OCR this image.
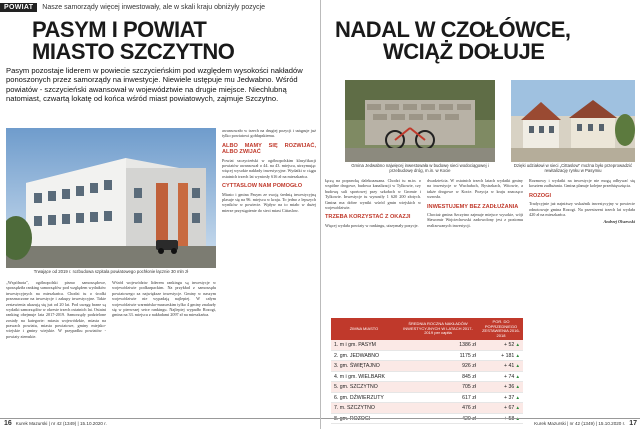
POWIAT	Nasze samorządy więcej inwestowały, ale w skali kraju obniżyły pozycje
PASYM I POWIAT
MIASTO SZCZYTNO
Pasym pozostaje liderem w powiecie szczycieńskim pod względem wysokości nakładów ponoszonych przez samorządy na inwestycje. Niewiele ustępuje mu Jedwabno. Wśród powiatów - szczycieński awansował w województwie na drugie miejsce. Niechlubną natomiast, czwartą lokatę od końca wśród miast powiatowych, zajmuje Szczytno.
Trwające od 2019 r. rozbudowa szpitala powiatowego pochłonie łącznie 30 mln zł

awansowało w trzech na drugiej pozycji i ustępuje już tylko powiatowi gołdapskiemu.

ALBO MAMY SIĘ ROZWIJAĆ, ALBO ZWIJAĆ

Powiat szczycieński w ogólnopolskim klasyfikacji powiatów awansował o 44. na 43. miejscu, utrzymując więcej wysokie nakłady inwestycyjne. Wydatki w ciągu ostatnich trzech lat wyniosły 616 zł na mieszkańca.

CYTTASLOW NAM POMOGŁO

Miasto i gmina Pasym ze swoją średnią inwestycyjną plasuje się na 96. miejscu w kraju. To jedno z lepszych wyników w powiecie. Wpływ na to miało w dużej mierze przystąpienie do sieci miast Cittaslow.

„Wspólnota", ogólnopolski pismo samorządowe, sporządziła ranking samorządów pod względem wydatków inwestycyjnych na mieszkańca. Chodzi tu o środki przeznaczone na inwestycje i zakupy inwestycyjne. Takie zestawienia ukazują się już od 20 lat. Pod uwagę brane są wydatki samorządów w okresie trzech ostatnich lat. Ostatni ranking obejmuje lata 2017-2019. Samorządy podzielone zostały na kategorie: miasta wojewódzkie, miasta na prawach powiatu, miasta powiatowe, gminy miejsko-wiejskie i gminy wiejskie. W przypadku powiatów - powiaty ziemskie.

Wśród województw liderem rankingu są inwestycje w województwie podkarpackim. Na przykład z samorządu powiatowego za największe inwestycje. Gminy w naszym województwie nie wypadają najlepiej. W całym województwie warmińsko-mazurskim tylko 4 gminy znalazły się w pierwszej setce rankingu. Najlepiej wypadło Rozogi, gmina na 33. miejscu z nakładami 2097 zł na mieszkańca.

16 Kurek Mazurski | nr 42
(1349) | 15.10.2020 r.
NADAL W CZOŁÓWCE,
WCIĄŻ DOŁUJE
Gmina Jedwabno najwięcej inwestowała w budowę sieci wodociągowej i przebudowę dróg, m.in. w Kocie
Dzięki udziałowi w sieci „Cittaslow" można było przeprowadzić rewitalizację rynku w Pasymiu

łączą na poprawkę dalekoazuana. Chodzi tu m.in. o wspólne drogowe, budowa kanalizacji w Tylkowie, czy budowę sali sportowej przy szkołach w Gromie i Tylkowie. Inwestycje tu wynosiły 1 620 200 złotych. Gmina ma dobre wyniki wśród gmin wiejskich w województwie.

TRZEBA KORZYSTAĆ Z OKAZJI

Więcej wydała powiaty w rankingu, utrzymały pozycje.

dwadzieścia. W ostatnich trzech latach wydatki gminy na inwestycje w Wuchałach, Bystrzkach, Witowie, a także drogowe w Kocie. Pozycja w kraju znacząco wzrosła.

INWESTUJEMY BEZ ZADŁUŻANIA

Chociaż gmina Szczytno zajmuje miejsce wysokie, wójt Sławomir Wojciechowski zadowolony jest z poziomu realizowanych inwestycji.

Rozmowy i wydatki na inwestycje nie mogą odbywać się kosztem zadłużania. Gmina planuje kolejne przedsięwzięcia.

ROZOGI

Tradycyjnie już najniższy wskaźnik inwestycyjny w powiecie odnotowuje gmina Rozogi. Na przestrzeni trzech lat wydała 420 zł na mieszkańca.

Andrzej Olszewski

ZIMNA MIASTO	ŚREDNIA ROCZNA NAKŁADÓW INWESTYCYJNYCH W LATACH 2017-2019 per capita	POR. DO POPRZEDNIEGO ZESTAWIENIA 2016-2018
1. m i gm. PASYM	1386 zł	+ 52 ▲
2. gm. JEDWABNO	1175 zł	+ 181 ▲
3. gm. ŚWIĘTAJNO	926 zł	+ 41 ▲
4. m i gm. WIELBARK	845 zł	+ 74 ▲
5. gm. SZCZYTNO	705 zł	+ 36 ▲
6. gm. DŹWIERZUTY	617 zł	+ 37 ▲
7. m. SZCZYTNO	476 zł	+ 67 ▲
8. gm. ROZOGI	420 zł	+ 58 ▲
Kurek Mazurski | nr 42
(1349) | 15.10.2020 r. 17
